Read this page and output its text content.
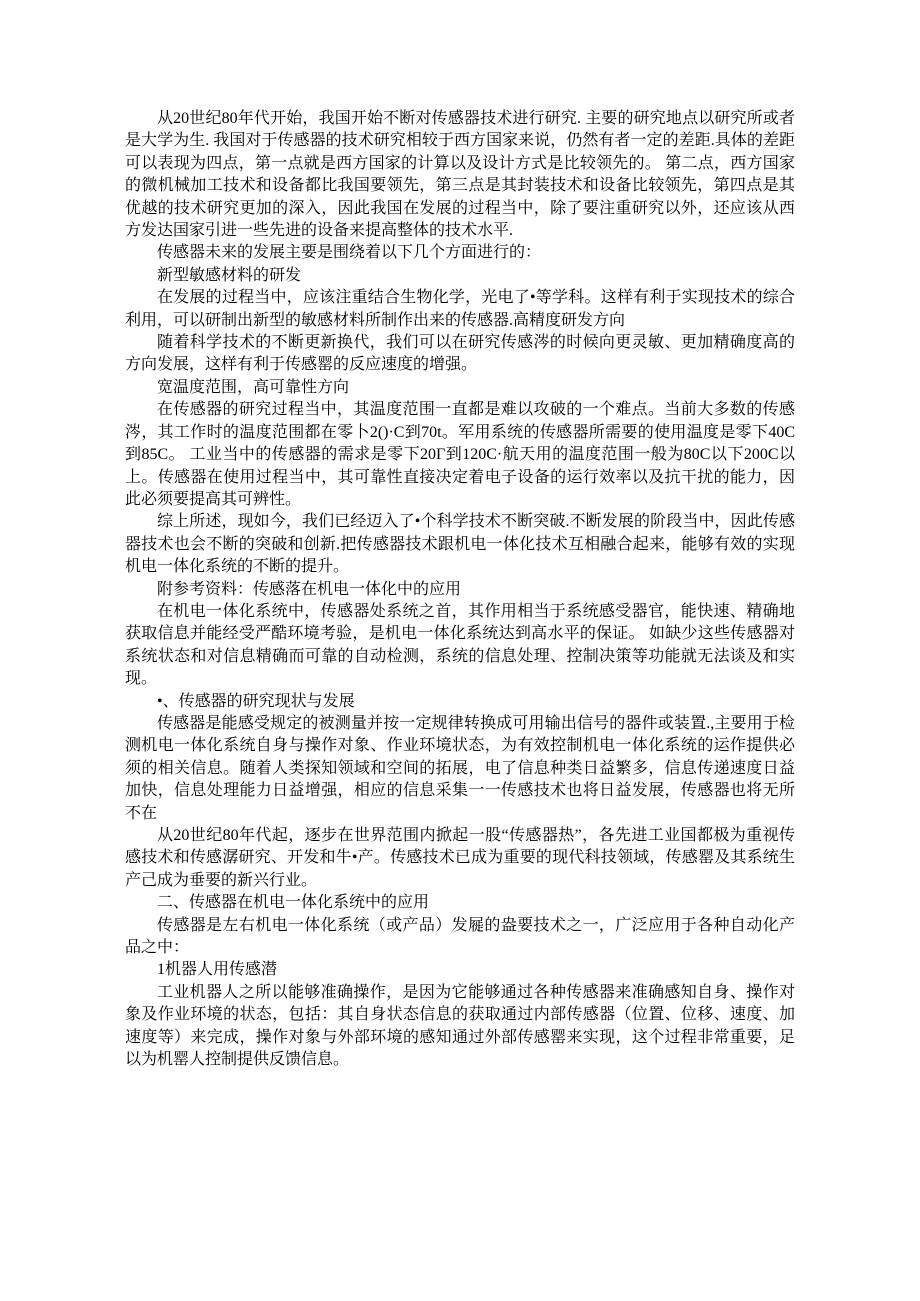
从20世纪80年代开始，我国开始不断对传感器技术进行研究. 主要的研究地点以研究所或者是大学为生. 我国对于传感器的技术研究相较于西方国家来说，仍然有者一定的差距.具体的差距可以表现为四点，第一点就是西方国家的计算以及设计方式是比较领先的。 第二点，西方国家的微机械加工技术和设备都比我国要领先，第三点是其封装技术和设备比较领先，第四点是其优越的技术研究更加的深入，因此我国在发展的过程当中，除了要注重研究以外，还应该从西方发达国家引进一些先进的设备来提高整体的技术水平.

传感器未来的发展主要是围绕着以下几个方面进行的：

新型敏感材料的研发

在发展的过程当中，应该注重结合生物化学，光电了•等学科。这样有利于实现技术的综合利用，可以研制出新型的敏感材料所制作出来的传感器.高精度研发方向

随着科学技术的不断更新换代，我们可以在研究传感涔的时候向更灵敏、更加精确度高的方向发展，这样有利于传感罂的反应速度的增强。

宽温度范围，高可靠性方向

在传感器的研究过程当中，其温度范围一直都是难以攻破的一个难点。当前大多数的传感涔，其工作时的温度范围都在零卜2()·C到70t。军用系统的传感器所需要的使用温度是零下40C到85C。 工业当中的传感器的需求是零下20Γ到120C·航天用的温度范围一般为80C以下200C以上。传感器在使用过程当中，其可靠性直接决定着电子设备的运行效率以及抗干扰的能力，因此必须要提高其可辨性。

综上所述，现如今，我们已经迈入了•个科学技术不断突破.不断发展的阶段当中，因此传感器技术也会不断的突破和创新.把传感器技术跟机电一体化技术互相融合起来，能够有效的实现机电一体化系统的不断的提升。

附参考资料：传感落在机电一体化中的应用

在机电一体化系统中，传感器处系统之首，其作用相当于系统感受器官，能快速、精确地获取信息并能经受严酷环境考验，是机电一体化系统达到高水平的保证。 如缺少这些传感器对系统状态和对信息精确而可靠的自动检测，系统的信息处理、控制决策等功能就无法谈及和实现。

•、传感器的研究现状与发展

传感器是能感受规定的被测量并按一定规律转换成可用输出信号的器件或装置.,主要用于检测机电一体化系统自身与操作对象、作业环境状态，为有效控制机电一体化系统的运作提供必须的相关信息。随着人类探知领域和空间的拓展，电了信息种类日益繁多，信息传递速度日益加快，信息处理能力日益增强，相应的信息采集一一传感技术也将日益发展，传感器也将无所不在

从20世纪80年代起，逐步在世界范围内掀起一股“传感器热”，各先进工业国都极为重视传感技术和传感潺研究、开发和牛•产。传感技术已成为重要的现代科技领域，传感罂及其系统生产己成为垂要的新兴行业。

二、传感器在机电一体化系统中的应用

传感器是左右机电一体化系统（或产品）发屣的盎要技术之一，广泛应用于各种自动化产品之中：

1机器人用传感潜

工业机器人之所以能够准确操作，是因为它能够通过各种传感器来准确感知自身、操作对象及作业环境的状态，包括：其自身状态信息的获取通过内部传感器（位置、位移、速度、加速度等）来完成，操作对象与外部环境的感知通过外部传感罂来实现，这个过程非常重要，足以为机罂人控制提供反馈信息。
